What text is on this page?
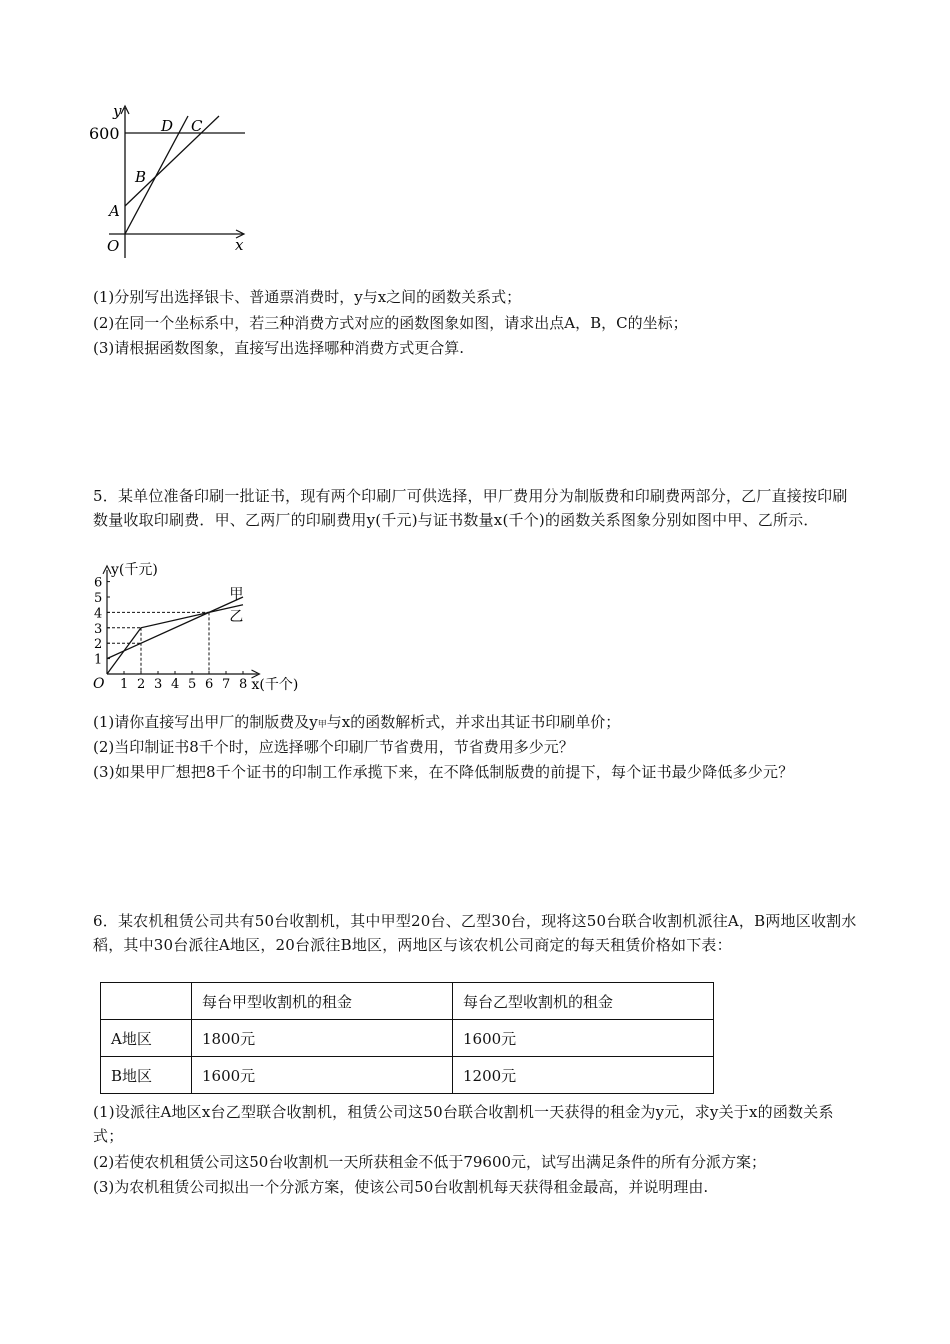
y
600	D C
B
A
O	x
(1)分别写出选择银卡、普通票消费时，y与x之间的函数关系式；
(2)在同一个坐标系中，若三种消费方式对应的函数图象如图，请求出点A，B，C的坐标；
(3)请根据函数图象，直接写出选择哪种消费方式更合算.
5．某单位准备印刷一批证书，现有两个印刷厂可供选择，甲厂费用分为制版费和印刷费两部分，乙厂直接按印刷数量收取印刷费．甲、乙两厂的印刷费用y(千元)与证书数量x(千个)的函数关系图象分别如图中甲、乙所示．
1 2 3 4 5 6 7 8
1
2
3
4
5
6
甲
乙
O
y(千元)
x(千个)
(1)请你直接写出甲厂的制版费及y甲与x的函数解析式，并求出其证书印刷单价；
(2)当印制证书8千个时，应选择哪个印刷厂节省费用，节省费用多少元？
(3)如果甲厂想把8千个证书的印制工作承揽下来，在不降低制版费的前提下，每个证书最少降低多少元？
6．某农机租赁公司共有50台收割机，其中甲型20台、乙型30台，现将这50台联合收割机派往A，B两地区收割水稻，其中30台派往A地区，20台派往B地区，两地区与该农机公司商定的每天租赁价格如下表：
	每台甲型收割机的租金	每台乙型收割机的租金
A地区	1800元	1600元
B地区	1600元	1200元
(1)设派往A地区x台乙型联合收割机，租赁公司这50台联合收割机一天获得的租金为y元，求y关于x的函数关系式；
(2)若使农机租赁公司这50台收割机一天所获租金不低于79600元，试写出满足条件的所有分派方案；
(3)为农机租赁公司拟出一个分派方案，使该公司50台收割机每天获得租金最高，并说明理由.
